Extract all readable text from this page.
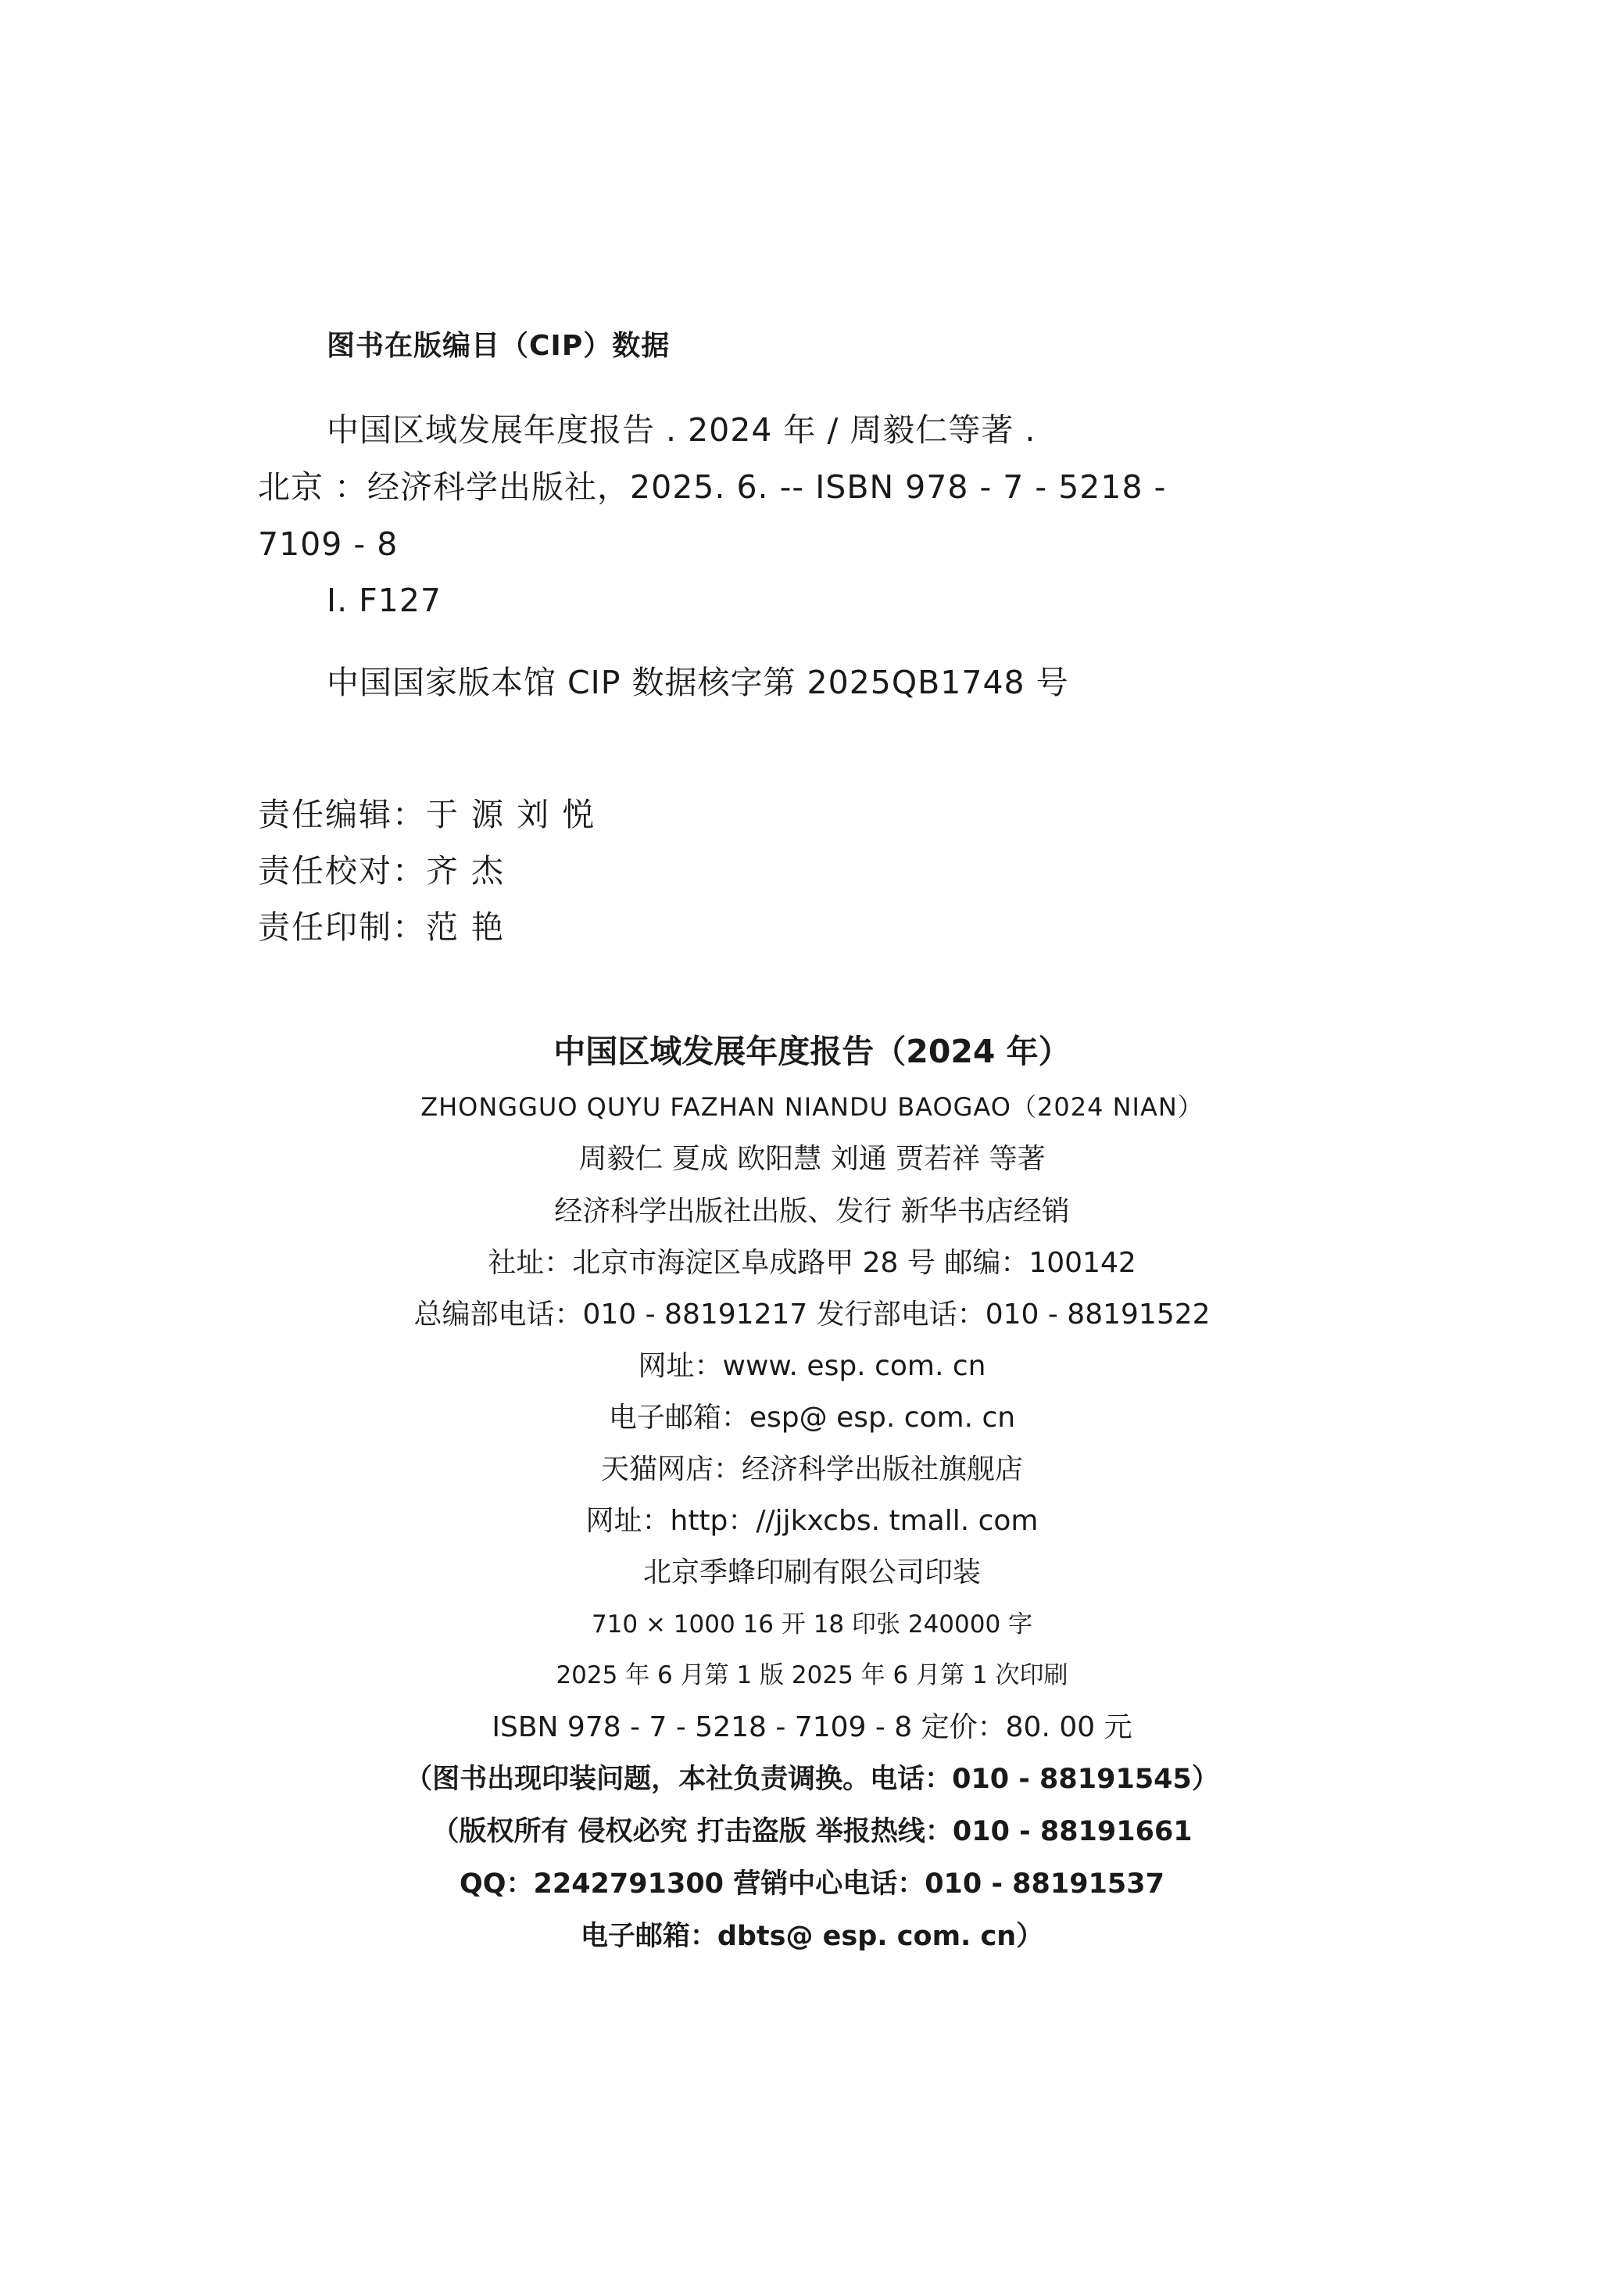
图书在版编目（CIP）数据
中国区域发展年度报告 . 2024 年 / 周毅仁等著 .
北京 ：经济科学出版社，2025. 6. -- ISBN 978 - 7 - 5218 -
7109 - 8
Ⅰ. F127
中国国家版本馆 CIP 数据核字第 2025QB1748 号
责任编辑：于 源 刘 悦
责任校对：齐 杰
责任印制：范 艳
中国区域发展年度报告（2024 年）
ZHONGGUO QUYU FAZHAN NIANDU BAOGAO（2024 NIAN）
周毅仁 夏成 欧阳慧 刘通 贾若祥 等著
经济科学出版社出版、发行 新华书店经销
社址：北京市海淀区阜成路甲 28 号 邮编：100142
总编部电话：010 - 88191217 发行部电话：010 - 88191522
网址：www. esp. com. cn
电子邮箱：esp@ esp. com. cn
天猫网店：经济科学出版社旗舰店
网址：http：//jjkxcbs. tmall. com
北京季蜂印刷有限公司印装
710 × 1000 16 开 18 印张 240000 字
2025 年 6 月第 1 版 2025 年 6 月第 1 次印刷
ISBN 978 - 7 - 5218 - 7109 - 8 定价：80. 00 元
（图书出现印装问题，本社负责调换。电话：010 - 88191545）
（版权所有 侵权必究 打击盗版 举报热线：010 - 88191661
QQ：2242791300 营销中心电话：010 - 88191537
电子邮箱：dbts@ esp. com. cn）
